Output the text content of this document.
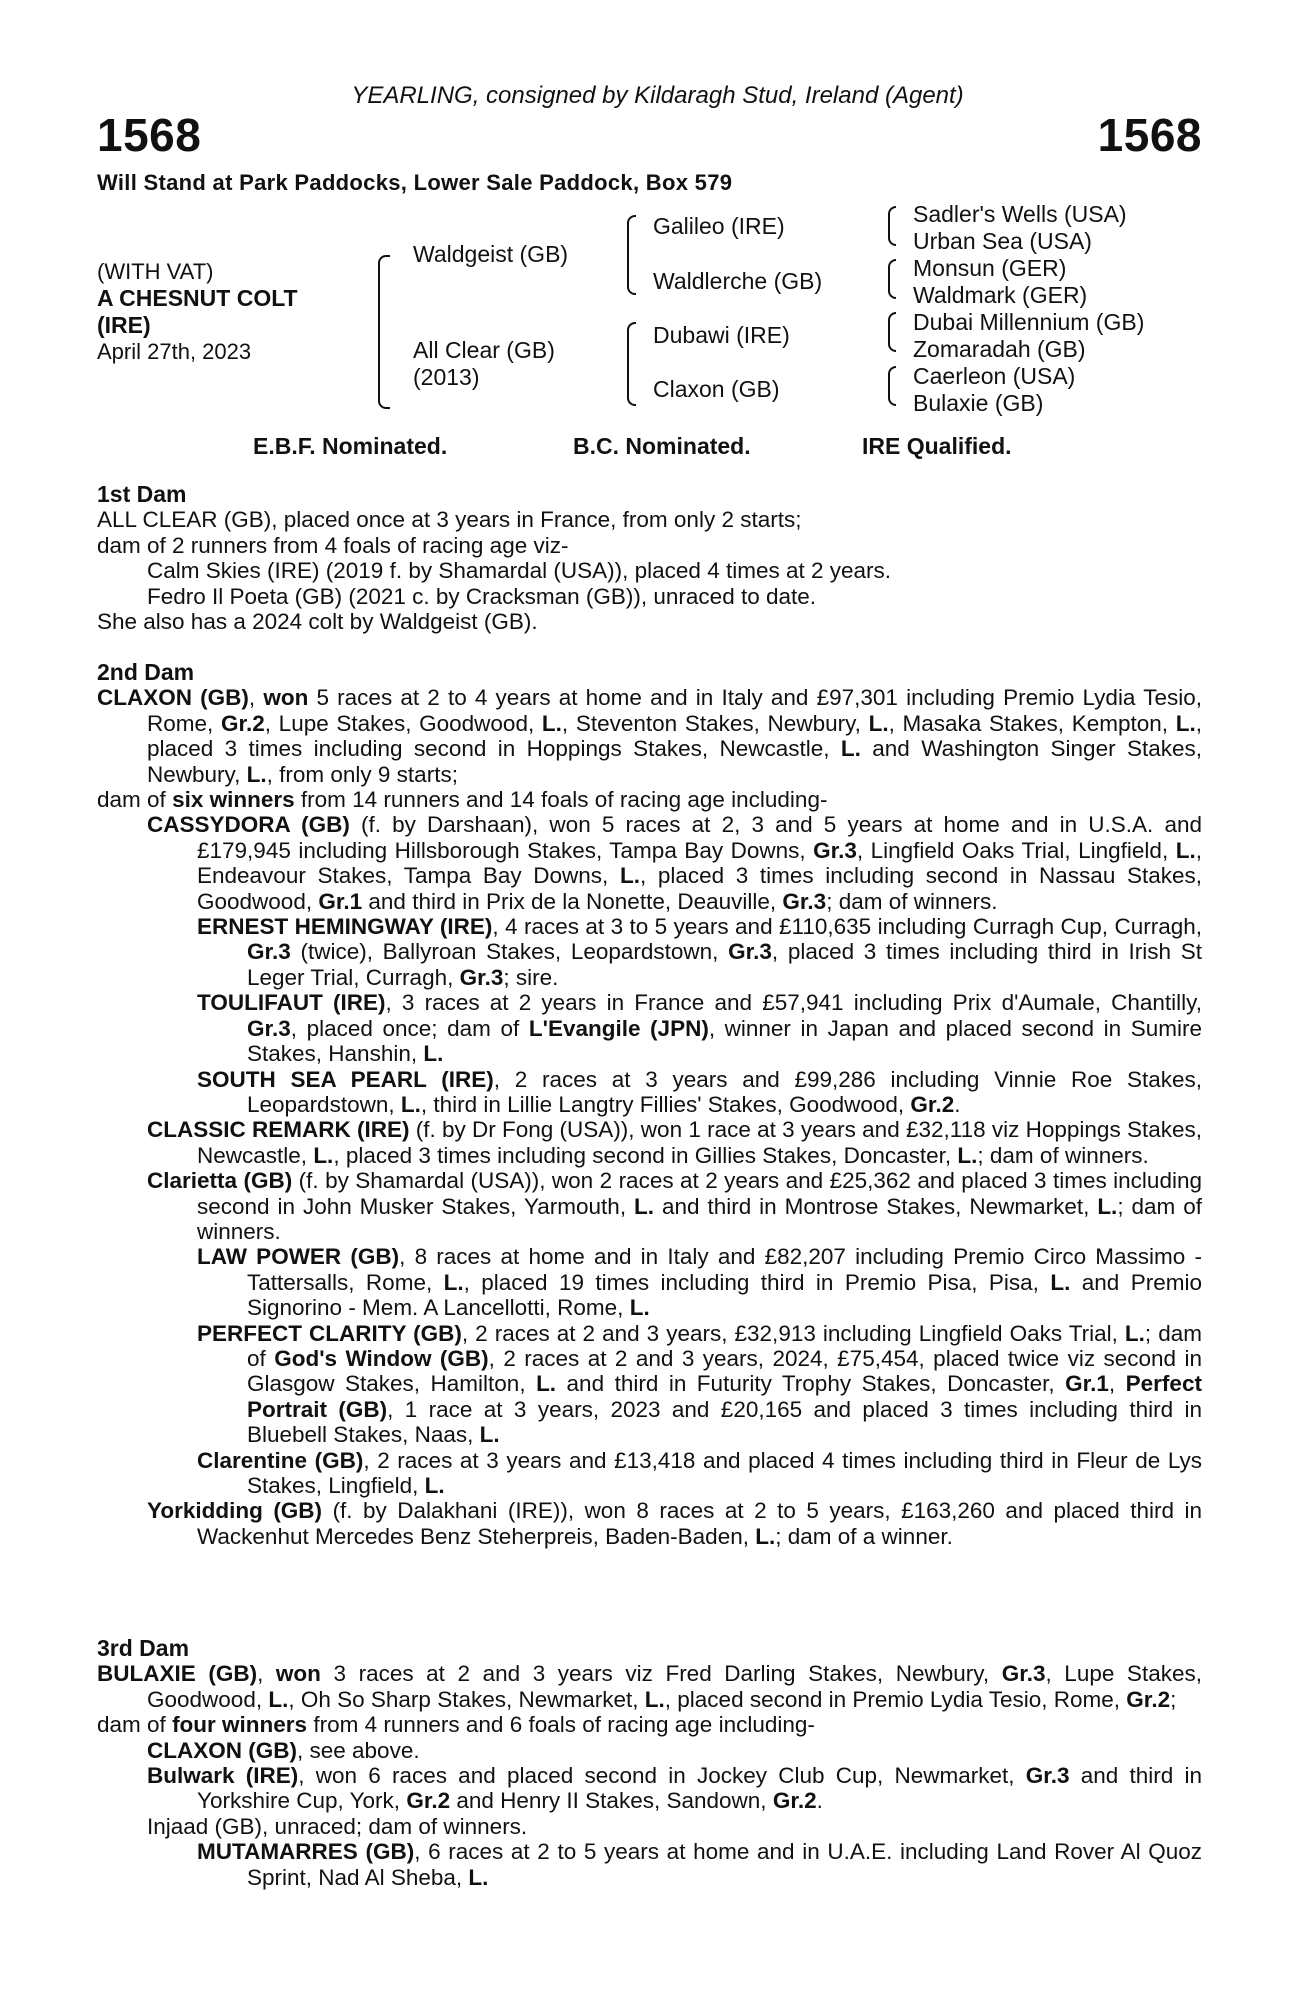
YEARLING, consigned by Kildaragh Stud, Ireland (Agent)
1568	1568
Will Stand at Park Paddocks, Lower Sale Paddock, Box 579
(WITH VAT)
A CHESNUT COLT
(IRE)
April 27th, 2023
Waldgeist (GB)
All Clear (GB)
(2013)
Galileo (IRE)
Waldlerche (GB)
Dubawi (IRE)
Claxon (GB)
Sadler's Wells (USA)
Urban Sea (USA)
Monsun (GER)
Waldmark (GER)
Dubai Millennium (GB)
Zomaradah (GB)
Caerleon (USA)
Bulaxie (GB)
E.B.F. Nominated.	B.C. Nominated.	IRE Qualified.

1st Dam

ALL CLEAR (GB), placed once at 3 years in France, from only 2 starts;

dam of 2 runners from 4 foals of racing age viz-

Calm Skies (IRE) (2019 f. by Shamardal (USA)), placed 4 times at 2 years.

Fedro Il Poeta (GB) (2021 c. by Cracksman (GB)), unraced to date.

She also has a 2024 colt by Waldgeist (GB).

2nd Dam

CLAXON (GB), won 5 races at 2 to 4 years at home and in Italy and £97,301 including Premio Lydia Tesio, Rome, Gr.2, Lupe Stakes, Goodwood, L., Steventon Stakes, Newbury, L., Masaka Stakes, Kempton, L., placed 3 times including second in Hoppings Stakes, Newcastle, L. and Washington Singer Stakes, Newbury, L., from only 9 starts;

dam of six winners from 14 runners and 14 foals of racing age including-

CASSYDORA (GB) (f. by Darshaan), won 5 races at 2, 3 and 5 years at home and in U.S.A. and £179,945 including Hillsborough Stakes, Tampa Bay Downs, Gr.3, Lingfield Oaks Trial, Lingfield, L., Endeavour Stakes, Tampa Bay Downs, L., placed 3 times including second in Nassau Stakes, Goodwood, Gr.1 and third in Prix de la Nonette, Deauville, Gr.3; dam of winners.

ERNEST HEMINGWAY (IRE), 4 races at 3 to 5 years and £110,635 including Curragh Cup, Curragh, Gr.3 (twice), Ballyroan Stakes, Leopardstown, Gr.3, placed 3 times including third in Irish St Leger Trial, Curragh, Gr.3; sire.

TOULIFAUT (IRE), 3 races at 2 years in France and £57,941 including Prix d'Aumale, Chantilly, Gr.3, placed once; dam of L'Evangile (JPN), winner in Japan and placed second in Sumire Stakes, Hanshin, L.

SOUTH SEA PEARL (IRE), 2 races at 3 years and £99,286 including Vinnie Roe Stakes, Leopardstown, L., third in Lillie Langtry Fillies' Stakes, Goodwood, Gr.2.

CLASSIC REMARK (IRE) (f. by Dr Fong (USA)), won 1 race at 3 years and £32,118 viz Hoppings Stakes, Newcastle, L., placed 3 times including second in Gillies Stakes, Doncaster, L.; dam of winners.

Clarietta (GB) (f. by Shamardal (USA)), won 2 races at 2 years and £25,362 and placed 3 times including second in John Musker Stakes, Yarmouth, L. and third in Montrose Stakes, Newmarket, L.; dam of winners.

LAW POWER (GB), 8 races at home and in Italy and £82,207 including Premio Circo Massimo - Tattersalls, Rome, L., placed 19 times including third in Premio Pisa, Pisa, L. and Premio Signorino - Mem. A Lancellotti, Rome, L.

PERFECT CLARITY (GB), 2 races at 2 and 3 years, £32,913 including Lingfield Oaks Trial, L.; dam of God's Window (GB), 2 races at 2 and 3 years, 2024, £75,454, placed twice viz second in Glasgow Stakes, Hamilton, L. and third in Futurity Trophy Stakes, Doncaster, Gr.1, Perfect Portrait (GB), 1 race at 3 years, 2023 and £20,165 and placed 3 times including third in Bluebell Stakes, Naas, L.

Clarentine (GB), 2 races at 3 years and £13,418 and placed 4 times including third in Fleur de Lys Stakes, Lingfield, L.

Yorkidding (GB) (f. by Dalakhani (IRE)), won 8 races at 2 to 5 years, £163,260 and placed third in Wackenhut Mercedes Benz Steherpreis, Baden-Baden, L.; dam of a winner.

3rd Dam

BULAXIE (GB), won 3 races at 2 and 3 years viz Fred Darling Stakes, Newbury, Gr.3, Lupe Stakes, Goodwood, L., Oh So Sharp Stakes, Newmarket, L., placed second in Premio Lydia Tesio, Rome, Gr.2;

dam of four winners from 4 runners and 6 foals of racing age including-

CLAXON (GB), see above.

Bulwark (IRE), won 6 races and placed second in Jockey Club Cup, Newmarket, Gr.3 and third in Yorkshire Cup, York, Gr.2 and Henry II Stakes, Sandown, Gr.2.

Injaad (GB), unraced; dam of winners.

MUTAMARRES (GB), 6 races at 2 to 5 years at home and in U.A.E. including Land Rover Al Quoz Sprint, Nad Al Sheba, L.
